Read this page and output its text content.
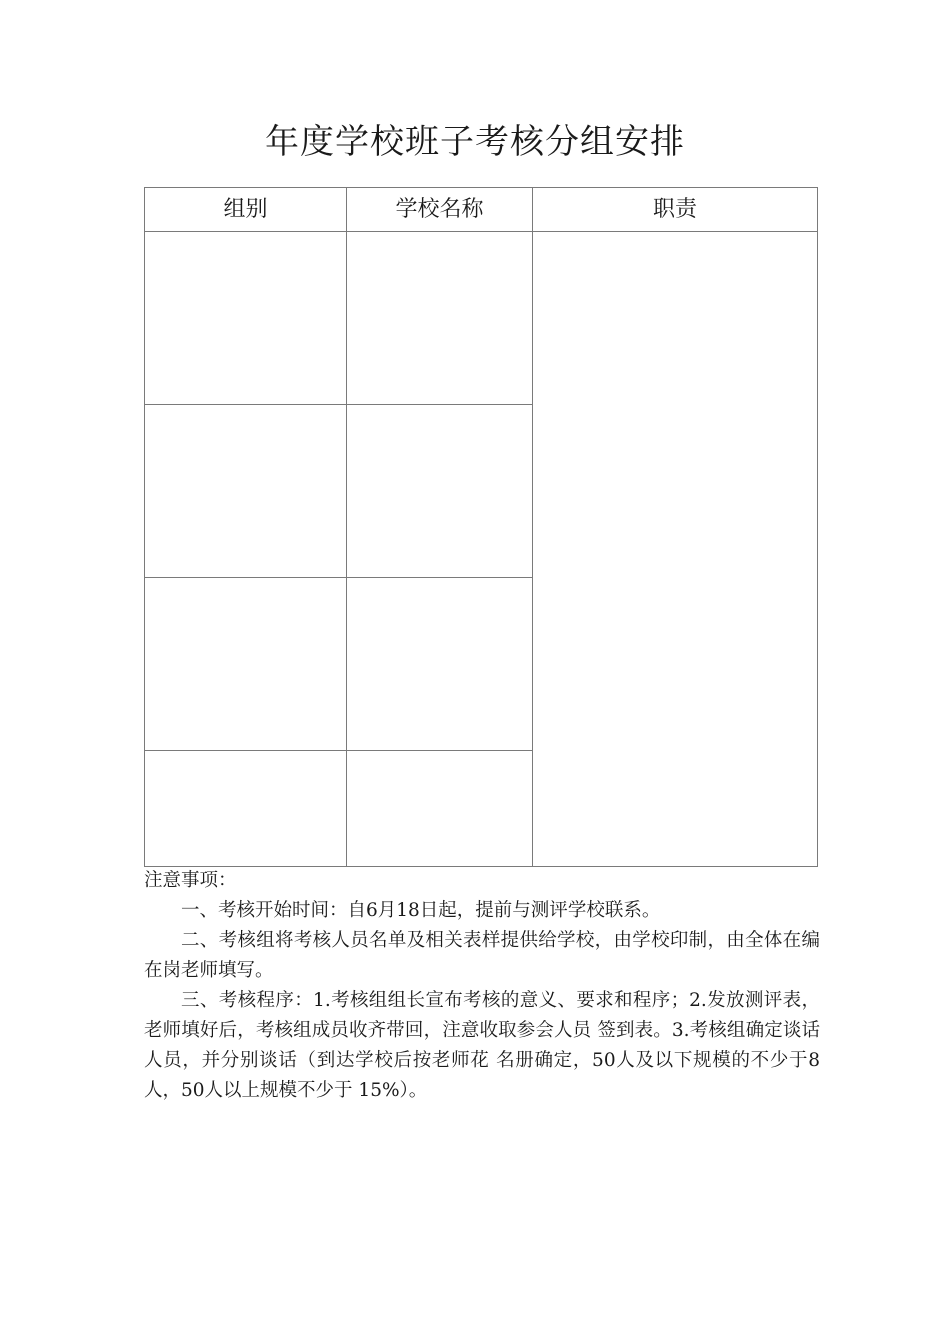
年度学校班子考核分组安排
组别	学校名称	职责

注意事项：

一、考核开始时间：自6月18日起，提前与测评学校联系。

二、考核组将考核人员名单及相关表样提供给学校，由学校印制，由全体在编在岗老师填写。

三、考核程序：1.考核组组长宣布考核的意义、要求和程序；2.发放测评表，老师填好后，考核组成员收齐带回，注意收取参会人员 签到表。3.考核组确定谈话人员，并分别谈话（到达学校后按老师花 名册确定，50人及以下规模的不少于8人，50人以上规模不少于 15%）。
